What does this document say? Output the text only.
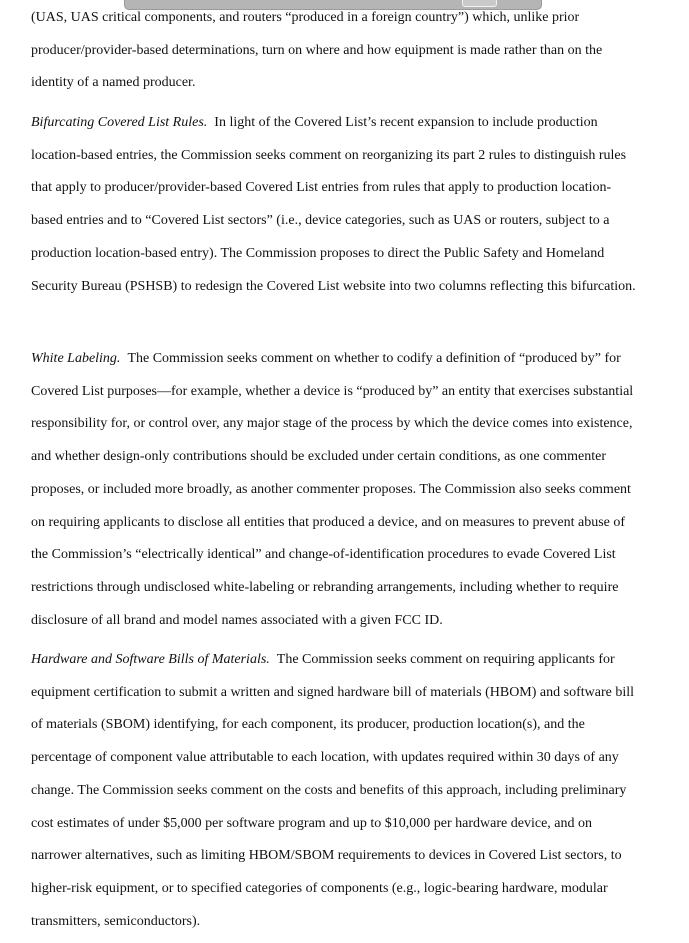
(UAS, UAS critical components, and routers “produced in a foreign country”) which, unlike prior producer/provider-based determinations, turn on where and how equipment is made rather than on the identity of a named producer.

Bifurcating Covered List Rules. In light of the Covered List’s recent expansion to include production location-based entries, the Commission seeks comment on reorganizing its part 2 rules to distinguish rules that apply to producer/provider-based Covered List entries from rules that apply to production location-based entries and to “Covered List sectors” (i.e., device categories, such as UAS or routers, subject to a production location-based entry). The Commission proposes to direct the Public Safety and Homeland Security Bureau (PSHSB) to redesign the Covered List website into two columns reflecting this bifurcation.

White Labeling. The Commission seeks comment on whether to codify a definition of “produced by” for Covered List purposes—for example, whether a device is “produced by” an entity that exercises substantial responsibility for, or control over, any major stage of the process by which the device comes into existence, and whether design-only contributions should be excluded under certain conditions, as one commenter proposes, or included more broadly, as another commenter proposes. The Commission also seeks comment on requiring applicants to disclose all entities that produced a device, and on measures to prevent abuse of the Commission’s “electrically identical” and change-of-identification procedures to evade Covered List restrictions through undisclosed white-labeling or rebranding arrangements, including whether to require disclosure of all brand and model names associated with a given FCC ID.

Hardware and Software Bills of Materials. The Commission seeks comment on requiring applicants for equipment certification to submit a written and signed hardware bill of materials (HBOM) and software bill of materials (SBOM) identifying, for each component, its producer, production location(s), and the percentage of component value attributable to each location, with updates required within 30 days of any change. The Commission seeks comment on the costs and benefits of this approach, including preliminary cost estimates of under $5,000 per software program and up to $10,000 per hardware device, and on narrower alternatives, such as limiting HBOM/SBOM requirements to devices in Covered List sectors, to higher-risk equipment, or to specified categories of components (e.g., logic-bearing hardware, modular transmitters, semiconductors).
